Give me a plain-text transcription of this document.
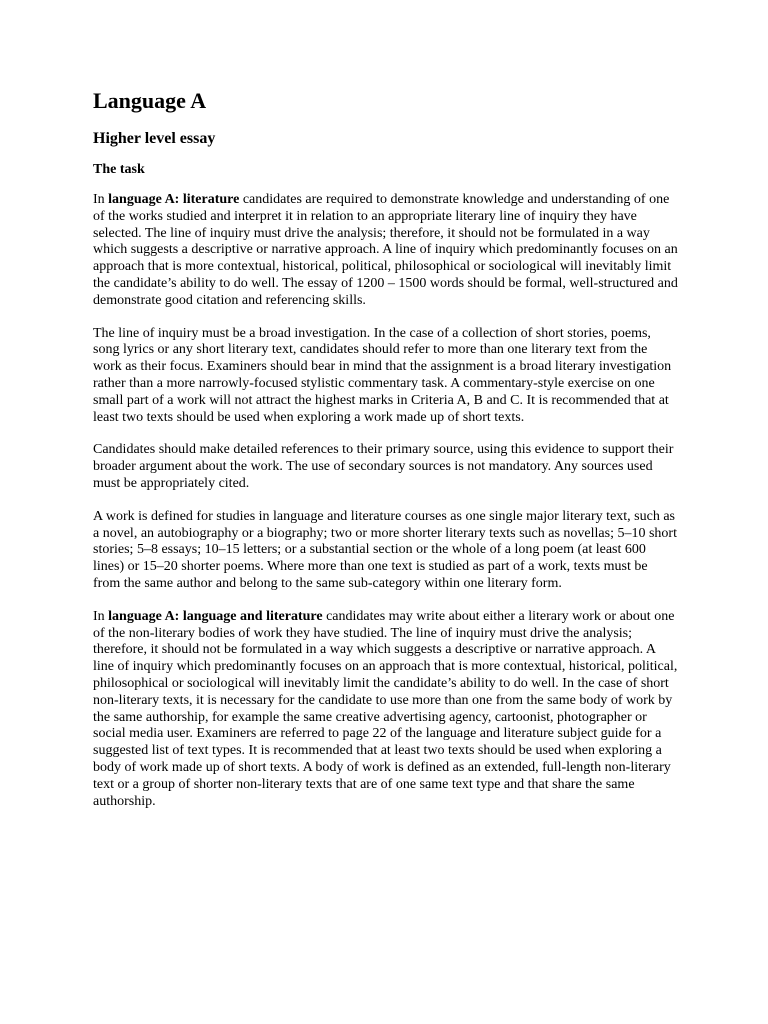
Language A
Higher level essay
The task

In language A: literature candidates are required to demonstrate knowledge and understanding of one of the works studied and interpret it in relation to an appropriate literary line of inquiry they have selected. The line of inquiry must drive the analysis; therefore, it should not be formulated in a way which suggests a descriptive or narrative approach. A line of inquiry which predominantly focuses on an approach that is more contextual, historical, political, philosophical or sociological will inevitably limit the candidate’s ability to do well. The essay of 1200 – 1500 words should be formal, well-structured and demonstrate good citation and referencing skills.

The line of inquiry must be a broad investigation. In the case of a collection of short stories, poems, song lyrics or any short literary text, candidates should refer to more than one literary text from the work as their focus. Examiners should bear in mind that the assignment is a broad literary investigation rather than a more narrowly-focused stylistic commentary task. A commentary-style exercise on one small part of a work will not attract the highest marks in Criteria A, B and C. It is recommended that at least two texts should be used when exploring a work made up of short texts.

Candidates should make detailed references to their primary source, using this evidence to support their broader argument about the work. The use of secondary sources is not mandatory. Any sources used must be appropriately cited.

A work is defined for studies in language and literature courses as one single major literary text, such as a novel, an autobiography or a biography; two or more shorter literary texts such as novellas; 5–10 short stories; 5–8 essays; 10–15 letters; or a substantial section or the whole of a long poem (at least 600 lines) or 15–20 shorter poems. Where more than one text is studied as part of a work, texts must be from the same author and belong to the same sub-category within one literary form.

In language A: language and literature candidates may write about either a literary work or about one of the non-literary bodies of work they have studied. The line of inquiry must drive the analysis; therefore, it should not be formulated in a way which suggests a descriptive or narrative approach. A line of inquiry which predominantly focuses on an approach that is more contextual, historical, political, philosophical or sociological will inevitably limit the candidate’s ability to do well. In the case of short non-literary texts, it is necessary for the candidate to use more than one from the same body of work by the same authorship, for example the same creative advertising agency, cartoonist, photographer or social media user. Examiners are referred to page 22 of the language and literature subject guide for a suggested list of text types. It is recommended that at least two texts should be used when exploring a body of work made up of short texts. A body of work is defined as an extended, full-length non-literary text or a group of shorter non-literary texts that are of one same text type and that share the same authorship.
